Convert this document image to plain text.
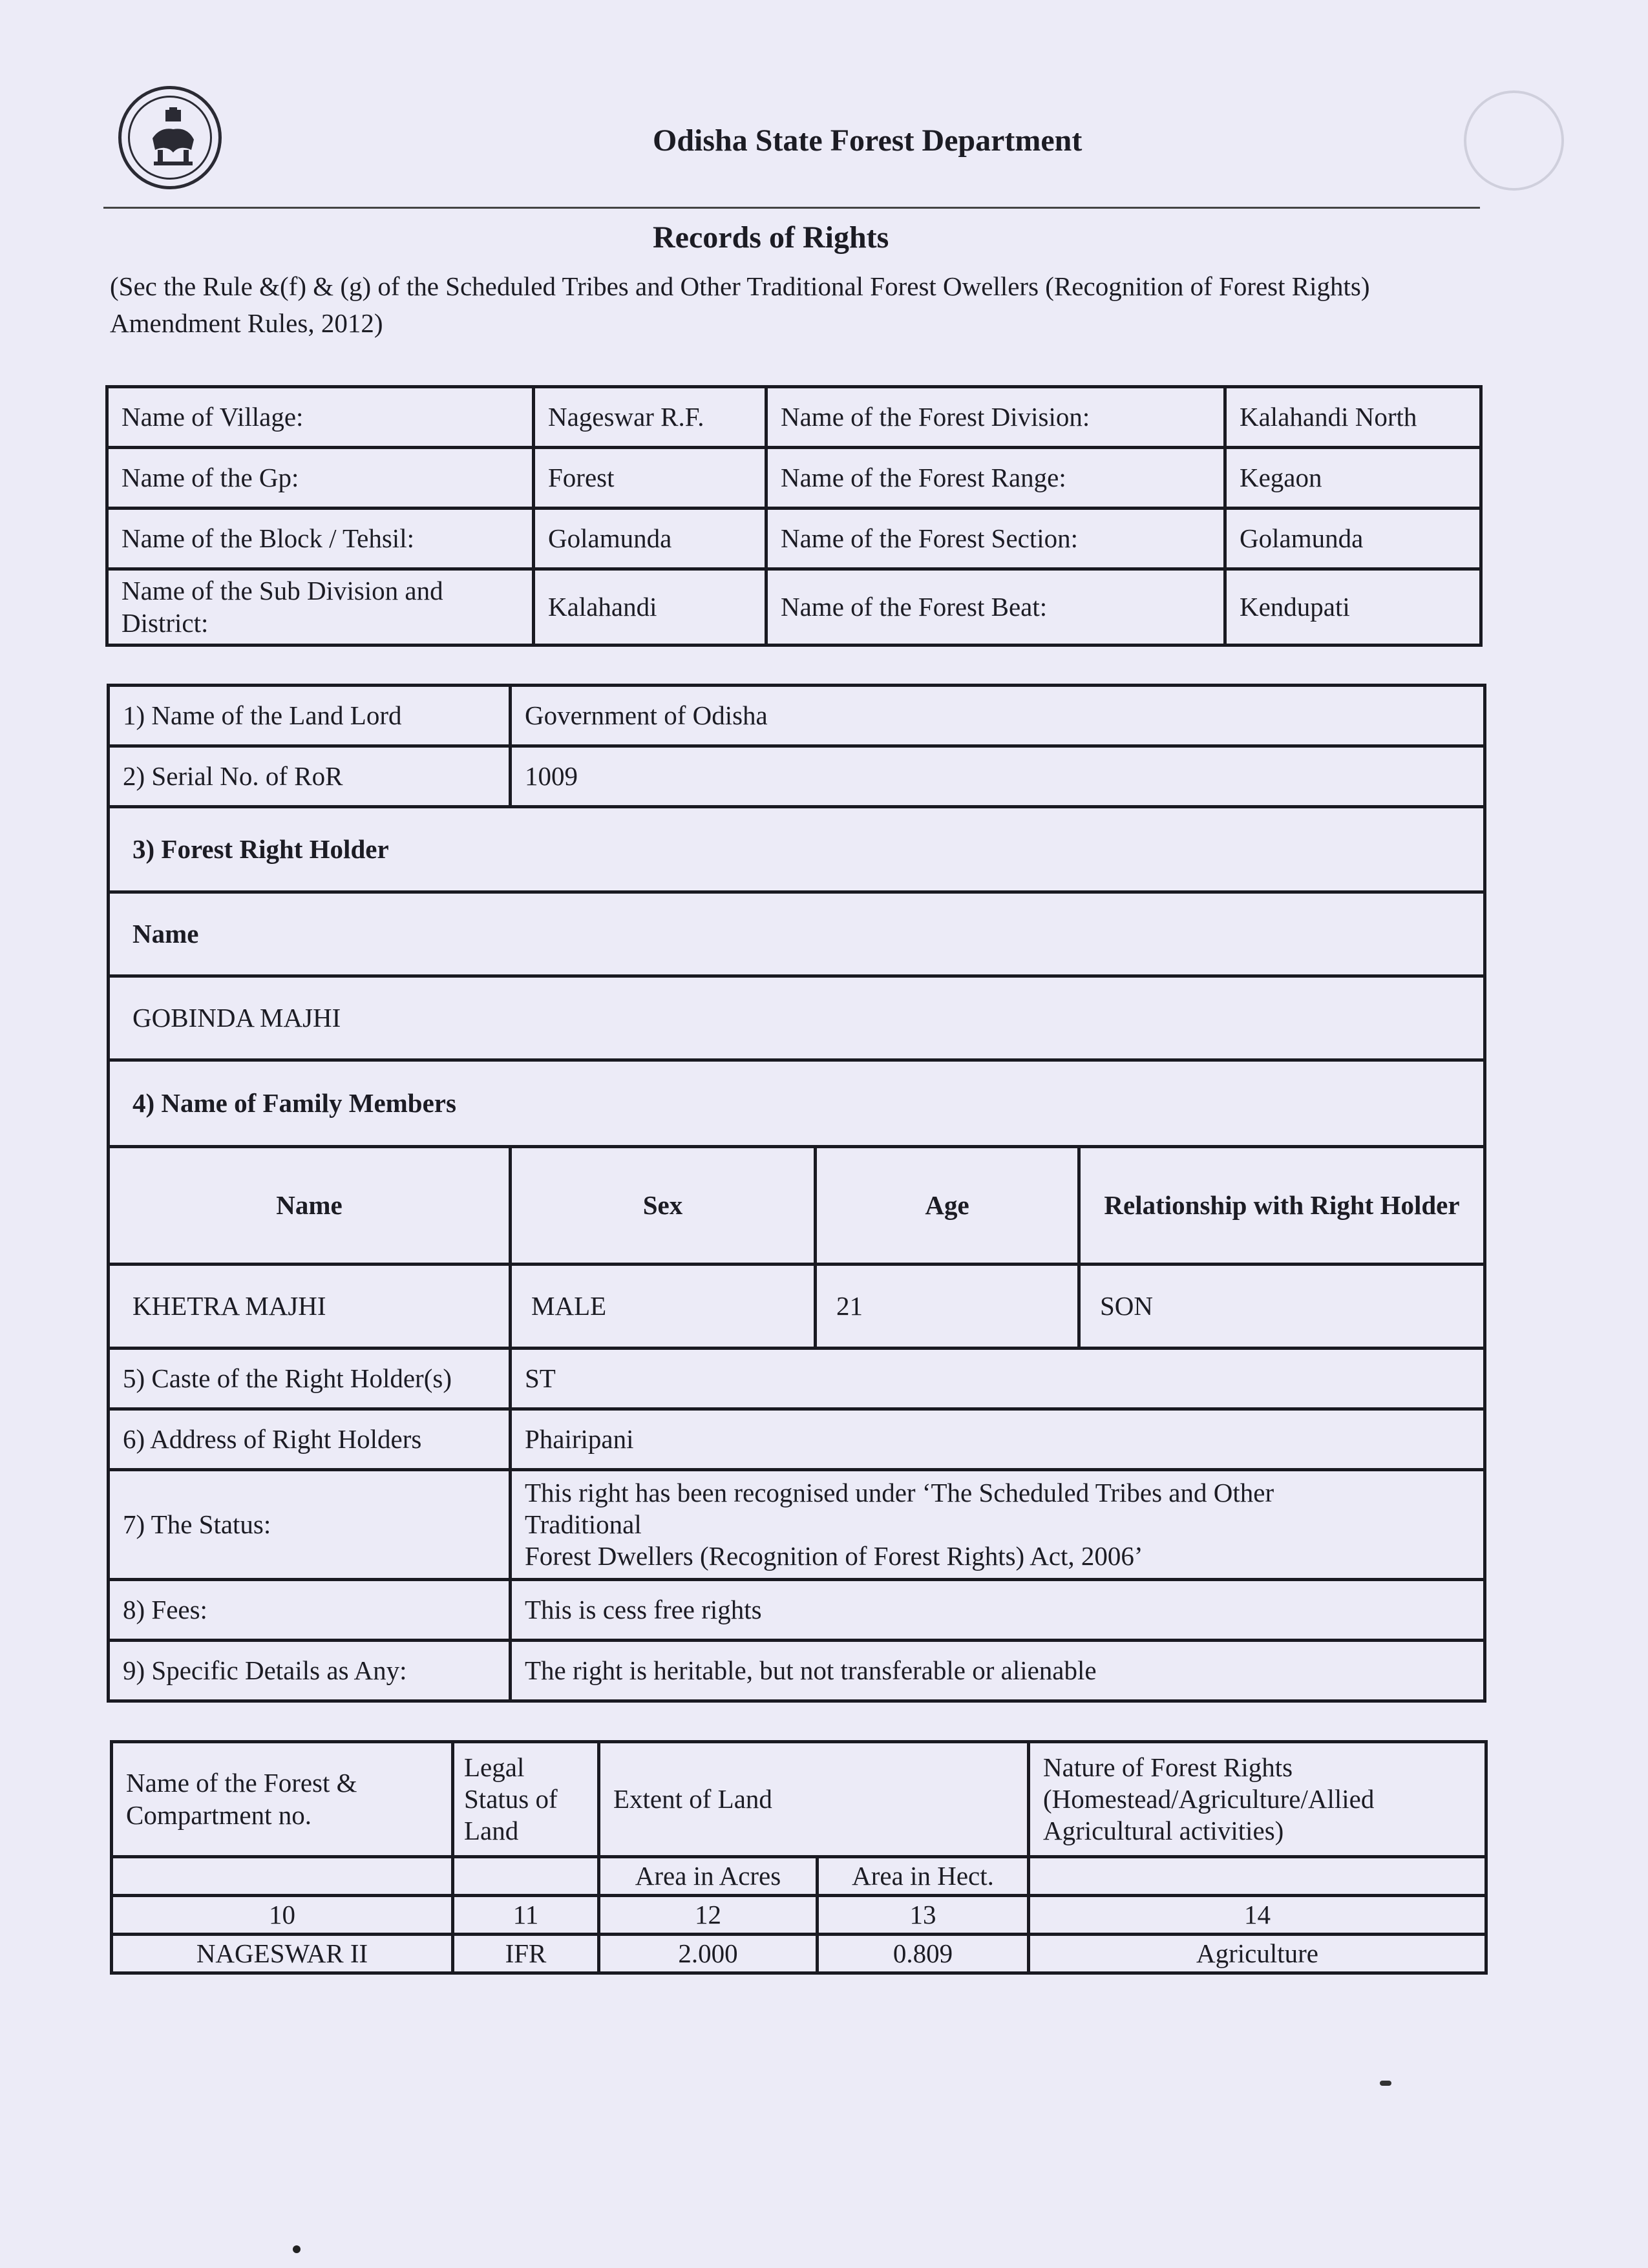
Odisha State Forest Department
Records of Rights
(Sec the Rule &(f) & (g) of the Scheduled Tribes and Other Traditional Forest Owellers (Recognition of Forest Rights) Amendment Rules, 2012)
Name of Village:	Nageswar R.F.	Name of the Forest Division:	Kalahandi North
Name of the Gp:	Forest	Name of the Forest Range:	Kegaon
Name of the Block / Tehsil:	Golamunda	Name of the Forest Section:	Golamunda
Name of the Sub Division and District:	Kalahandi	Name of the Forest Beat:	Kendupati
1) Name of the Land Lord	Government of Odisha		
2) Serial No. of RoR	1009		
3) Forest Right Holder			
Name			
GOBINDA MAJHI			
4) Name of Family Members			
Name	Sex	Age	Relationship with Right Holder
KHETRA MAJHI	MALE	21	SON
5) Caste of the Right Holder(s)	ST		
6) Address of Right Holders	Phairipani		
7) The Status:	This right has been recognised under ‘The Scheduled Tribes and Other Traditional
Forest Dwellers (Recognition of Forest Rights) Act, 2006’		
8) Fees:	This is cess free rights		
9) Specific Details as Any:	The right is heritable, but not transferable or alienable		
Name of the Forest & Compartment no.	Legal Status of Land	Extent of Land		Nature of Forest Rights (Homestead/Agriculture/Allied Agricultural activities)
		Area in Acres	Area in Hect.	
10	11	12	13	14
NAGESWAR II	IFR	2.000	0.809	Agriculture
